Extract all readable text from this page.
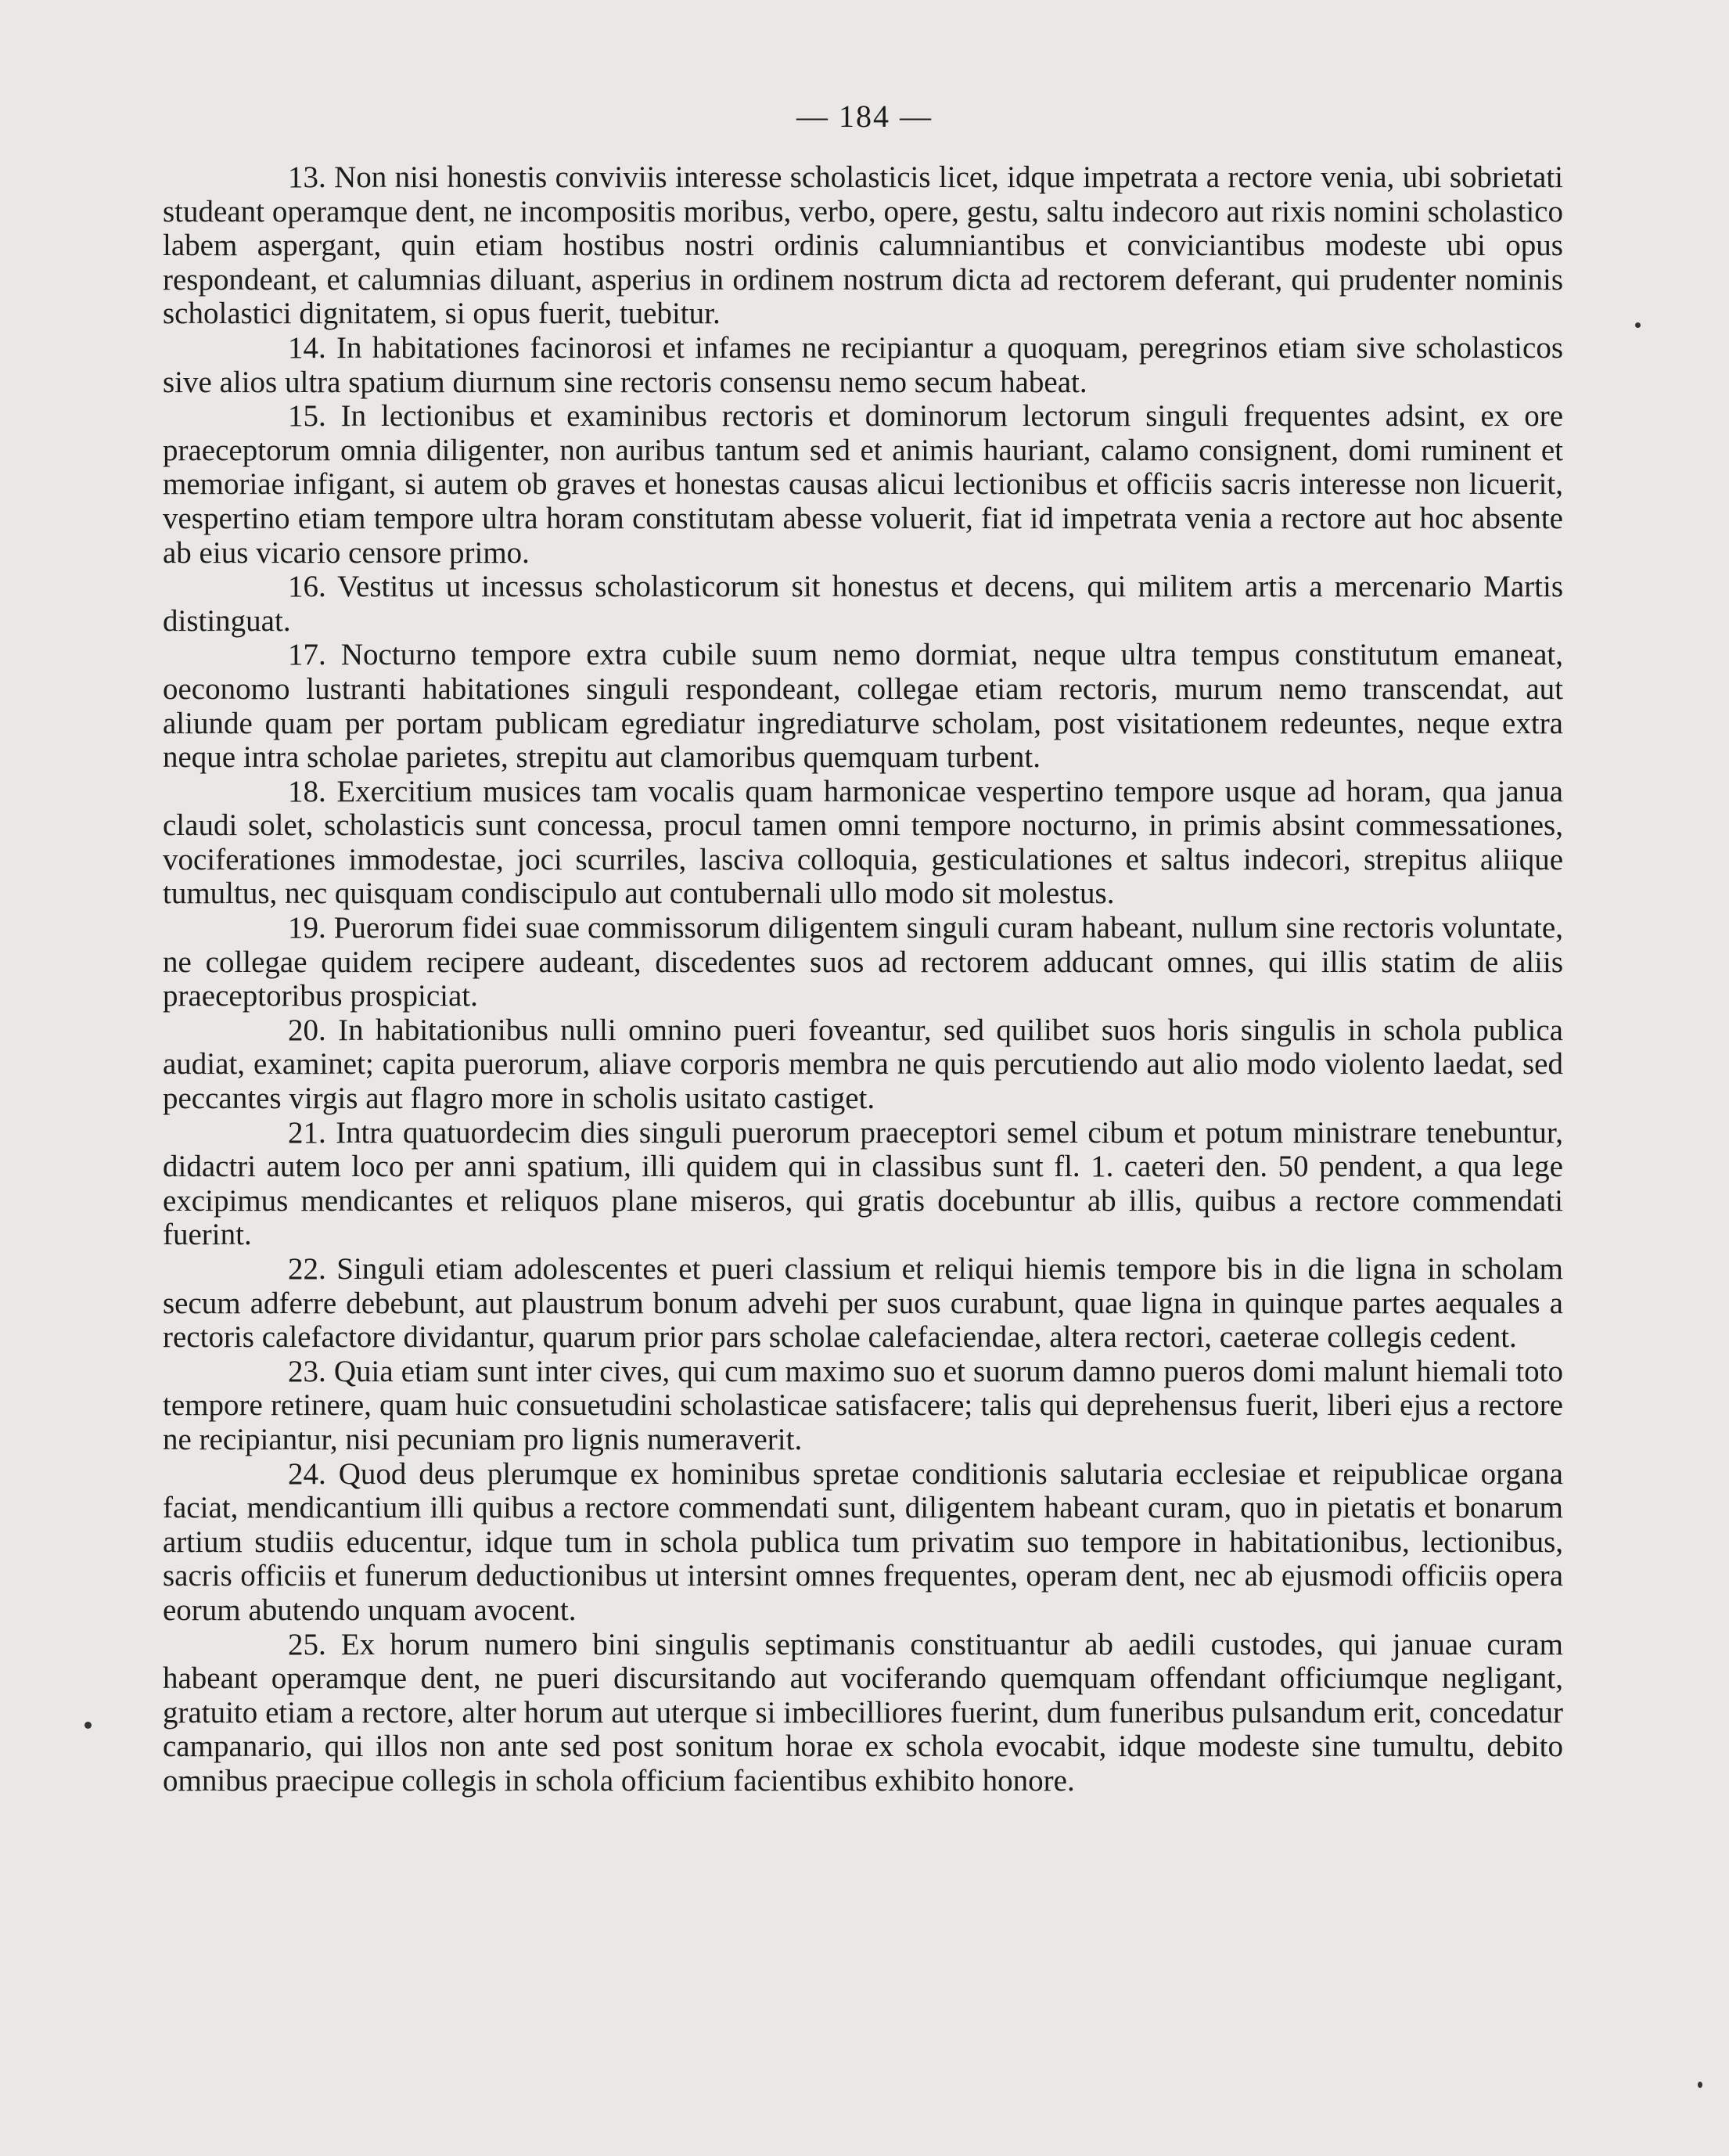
— 184 —

13. Non nisi honestis conviviis interesse scholasticis licet, idque impetrata a rectore venia, ubi sobrietati studeant operamque dent, ne incompositis moribus, verbo, opere, gestu, saltu indecoro aut rixis nomini scholastico labem aspergant, quin etiam hostibus nostri ordinis calumniantibus et conviciantibus modeste ubi opus respondeant, et calumnias diluant, asperius in ordinem nostrum dicta ad rectorem deferant, qui prudenter nominis scholastici dignitatem, si opus fuerit, tuebitur.

14. In habitationes facinorosi et infames ne recipiantur a quoquam, peregrinos etiam sive scholasticos sive alios ultra spatium diurnum sine rectoris consensu nemo secum habeat.

15. In lectionibus et examinibus rectoris et dominorum lectorum singuli frequentes adsint, ex ore praeceptorum omnia diligenter, non auribus tantum sed et animis hauriant, calamo consignent, domi ruminent et memoriae infigant, si autem ob graves et honestas causas alicui lectionibus et officiis sacris interesse non licuerit, vespertino etiam tempore ultra horam constitutam abesse voluerit, fiat id impetrata venia a rectore aut hoc absente ab eius vicario censore primo.

16. Vestitus ut incessus scholasticorum sit honestus et decens, qui militem artis a mercenario Martis distinguat.

17. Nocturno tempore extra cubile suum nemo dormiat, neque ultra tempus constitutum emaneat, oeconomo lustranti habitationes singuli respondeant, collegae etiam rectoris, murum nemo transcendat, aut aliunde quam per portam publicam egrediatur ingrediaturve scholam, post visitationem redeuntes, neque extra neque intra scholae parietes, strepitu aut clamoribus quemquam turbent.

18. Exercitium musices tam vocalis quam harmonicae vespertino tempore usque ad horam, qua janua claudi solet, scholasticis sunt concessa, procul tamen omni tempore nocturno, in primis absint commessationes, vociferationes immodestae, joci scurriles, lasciva colloquia, gesticulationes et saltus indecori, strepitus aliique tumultus, nec quisquam condiscipulo aut contubernali ullo modo sit molestus.

19. Puerorum fidei suae commissorum diligentem singuli curam habeant, nullum sine rectoris voluntate, ne collegae quidem recipere audeant, discedentes suos ad rectorem adducant omnes, qui illis statim de aliis praeceptoribus prospiciat.

20. In habitationibus nulli omnino pueri foveantur, sed quilibet suos horis singulis in schola publica audiat, examinet; capita puerorum, aliave corporis membra ne quis percutiendo aut alio modo violento laedat, sed peccantes virgis aut flagro more in scholis usitato castiget.

21. Intra quatuordecim dies singuli puerorum praeceptori semel cibum et potum ministrare tenebuntur, didactri autem loco per anni spatium, illi quidem qui in classibus sunt fl. 1. caeteri den. 50 pendent, a qua lege excipimus mendicantes et reliquos plane miseros, qui gratis docebuntur ab illis, quibus a rectore commendati fuerint.

22. Singuli etiam adolescentes et pueri classium et reliqui hiemis tempore bis in die ligna in scholam secum adferre debebunt, aut plaustrum bonum advehi per suos curabunt, quae ligna in quinque partes aequales a rectoris calefactore dividantur, quarum prior pars scholae calefaciendae, altera rectori, caeterae collegis cedent.

23. Quia etiam sunt inter cives, qui cum maximo suo et suorum damno pueros domi malunt hiemali toto tempore retinere, quam huic consuetudini scholasticae satisfacere; talis qui deprehensus fuerit, liberi ejus a rectore ne recipiantur, nisi pecuniam pro lignis numeraverit.

24. Quod deus plerumque ex hominibus spretae conditionis salutaria ecclesiae et reipublicae organa faciat, mendicantium illi quibus a rectore commendati sunt, diligentem habeant curam, quo in pietatis et bonarum artium studiis educentur, idque tum in schola publica tum privatim suo tempore in habitationibus, lectionibus, sacris officiis et funerum deductionibus ut intersint omnes frequentes, operam dent, nec ab ejusmodi officiis opera eorum abutendo unquam avocent.

25. Ex horum numero bini singulis septimanis constituantur ab aedili custodes, qui januae curam habeant operamque dent, ne pueri discursitando aut vociferando quemquam offendant officiumque negligant, gratuito etiam a rectore, alter horum aut uterque si imbecilliores fuerint, dum funeribus pulsandum erit, concedatur campanario, qui illos non ante sed post sonitum horae ex schola evocabit, idque modeste sine tumultu, debito omnibus praecipue collegis in schola officium facientibus exhibito honore.
